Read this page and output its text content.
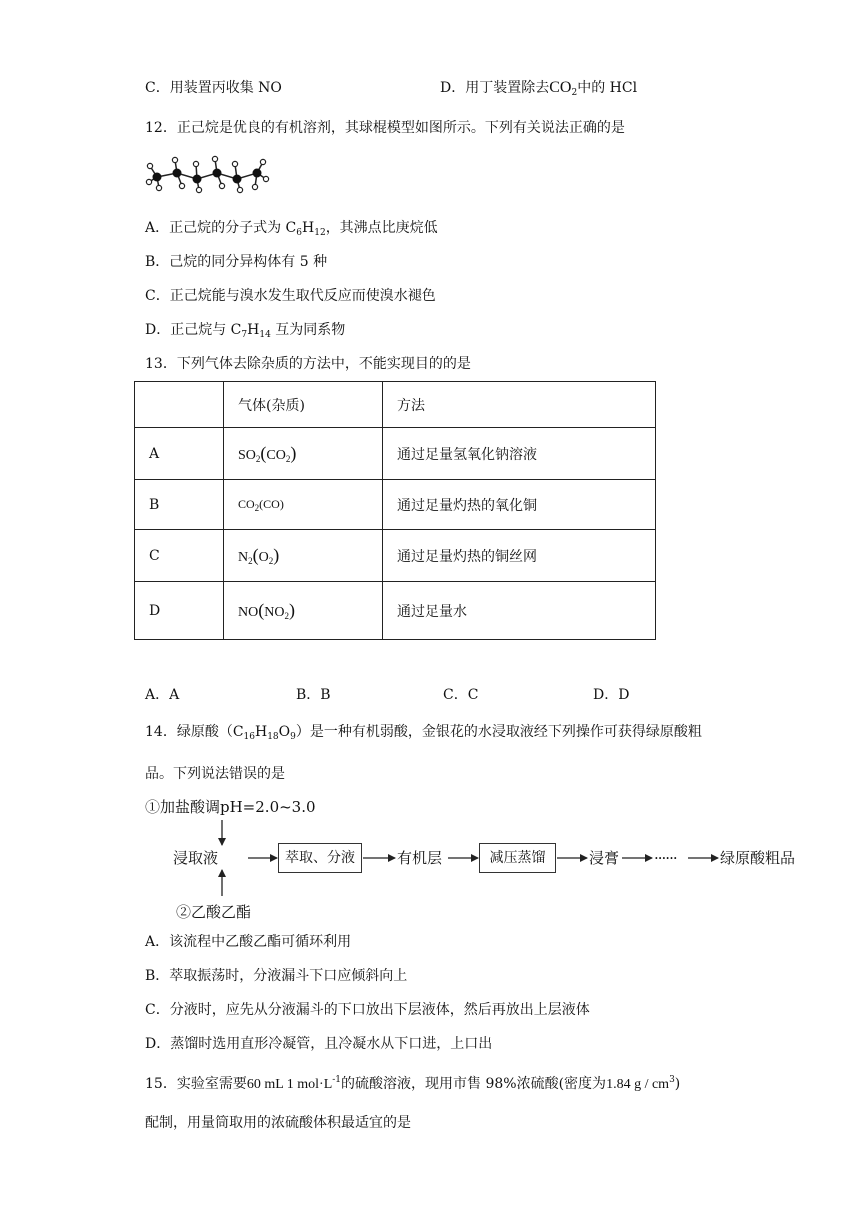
C．用装置丙收集 NO	D．用丁装置除去$CO_2$中的 HCl
12．正己烷是优良的有机溶剂，其球棍模型如图所示。下列有关说法正确的是
A．正己烷的分子式为 $C_6H_{12}$，其沸点比庚烷低
B．己烷的同分异构体有 5 种
C．正己烷能与溴水发生取代反应而使溴水褪色
D．正己烷与 $C_7H_{14}$ 互为同系物
13．下列气体去除杂质的方法中，不能实现目的的是
	气体(杂质)	方法
A	$SO_2(CO_2)$	通过足量氢氧化钠溶液
B	$CO_2(CO)$	通过足量灼热的氧化铜
C	$N_2(O_2)$	通过足量灼热的铜丝网
D	$NO(NO_2)$	通过足量水
A．A	B．B	C．C	D．D
14．绿原酸$(C_{16}H_{18}O_9)$是一种有机弱酸，金银花的水浸取液经下列操作可获得绿原酸粗
品。下列说法错误的是
①加盐酸调pH=2.0~3.0
浸取液	萃取、分液	有机层	减压蒸馏	浸膏 ······	绿原酸粗品
②乙酸乙酯
A．该流程中乙酸乙酯可循环利用
B．萃取振荡时，分液漏斗下口应倾斜向上
C．分液时，应先从分液漏斗的下口放出下层液体，然后再放出上层液体
D．蒸馏时选用直形冷凝管，且冷凝水从下口进，上口出
15．实验室需要60 mL 1 $mol\cdot L^{-1}$的硫酸溶液，现用市售 98%浓硫酸(密度为1.84 g / $cm^3$)
配制，用量筒取用的浓硫酸体积最适宜的是
